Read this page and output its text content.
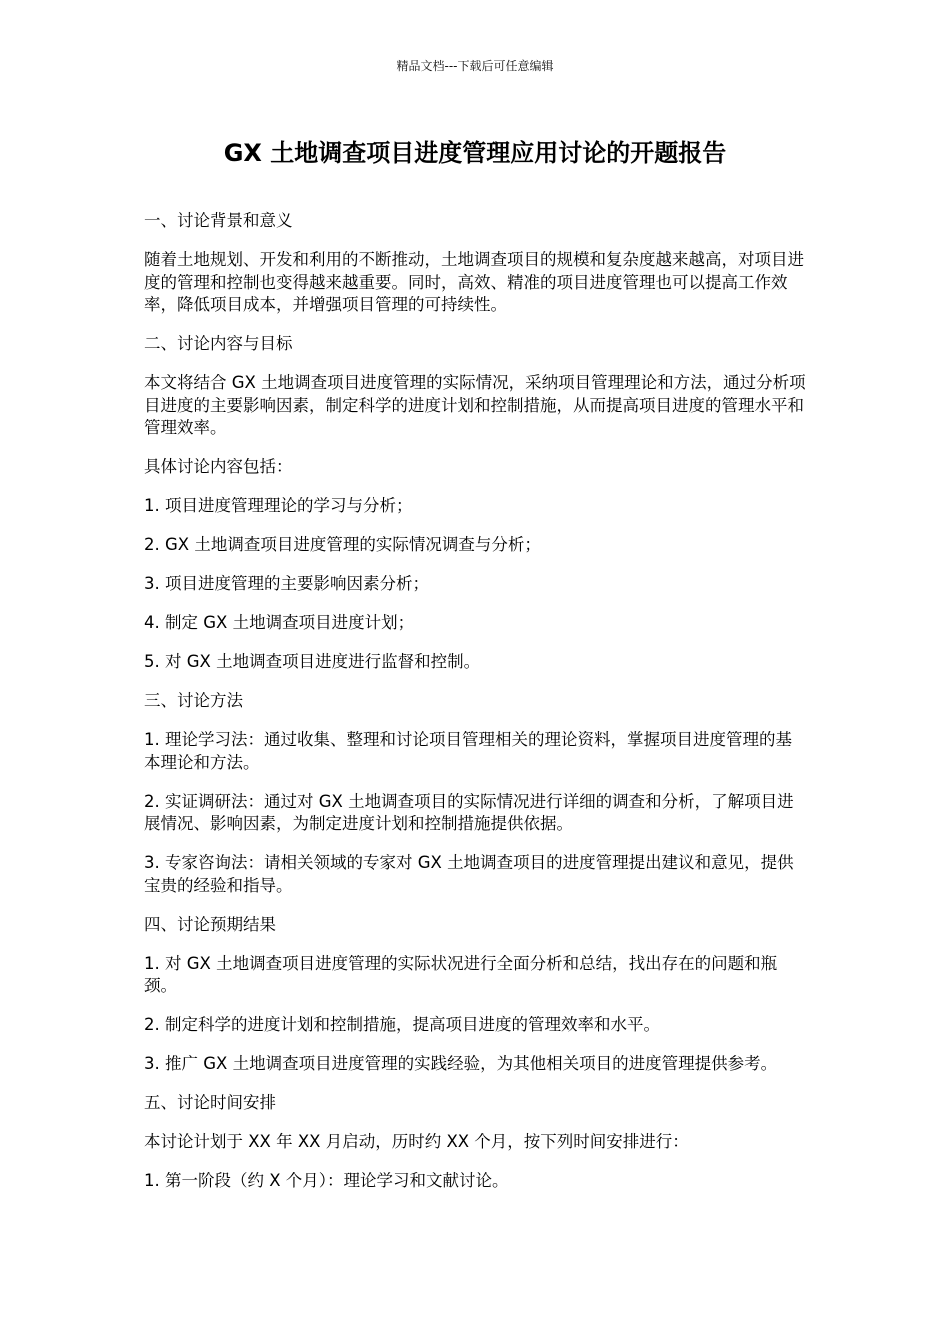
精品文档---下载后可任意编辑
GX 土地调查项目进度管理应用讨论的开题报告

一、讨论背景和意义

随着土地规划、开发和利用的不断推动，土地调查项目的规模和复杂度越来越高，对项目进度的管理和控制也变得越来越重要。同时，高效、精准的项目进度管理也可以提高工作效率，降低项目成本，并增强项目管理的可持续性。

二、讨论内容与目标

本文将结合 GX 土地调查项目进度管理的实际情况，采纳项目管理理论和方法，通过分析项目进度的主要影响因素，制定科学的进度计划和控制措施，从而提高项目进度的管理水平和管理效率。

具体讨论内容包括：

1. 项目进度管理理论的学习与分析；

2. GX 土地调查项目进度管理的实际情况调查与分析；

3. 项目进度管理的主要影响因素分析；

4. 制定 GX 土地调查项目进度计划；

5. 对 GX 土地调查项目进度进行监督和控制。

三、讨论方法

1. 理论学习法：通过收集、整理和讨论项目管理相关的理论资料，掌握项目进度管理的基本理论和方法。

2. 实证调研法：通过对 GX 土地调查项目的实际情况进行详细的调查和分析，了解项目进展情况、影响因素，为制定进度计划和控制措施提供依据。

3. 专家咨询法：请相关领域的专家对 GX 土地调查项目的进度管理提出建议和意见，提供宝贵的经验和指导。

四、讨论预期结果

1. 对 GX 土地调查项目进度管理的实际状况进行全面分析和总结，找出存在的问题和瓶颈。

2. 制定科学的进度计划和控制措施，提高项目进度的管理效率和水平。

3. 推广 GX 土地调查项目进度管理的实践经验，为其他相关项目的进度管理提供参考。

五、讨论时间安排

本讨论计划于 XX 年 XX 月启动，历时约 XX 个月，按下列时间安排进行：

1. 第一阶段（约 X 个月）：理论学习和文献讨论。
